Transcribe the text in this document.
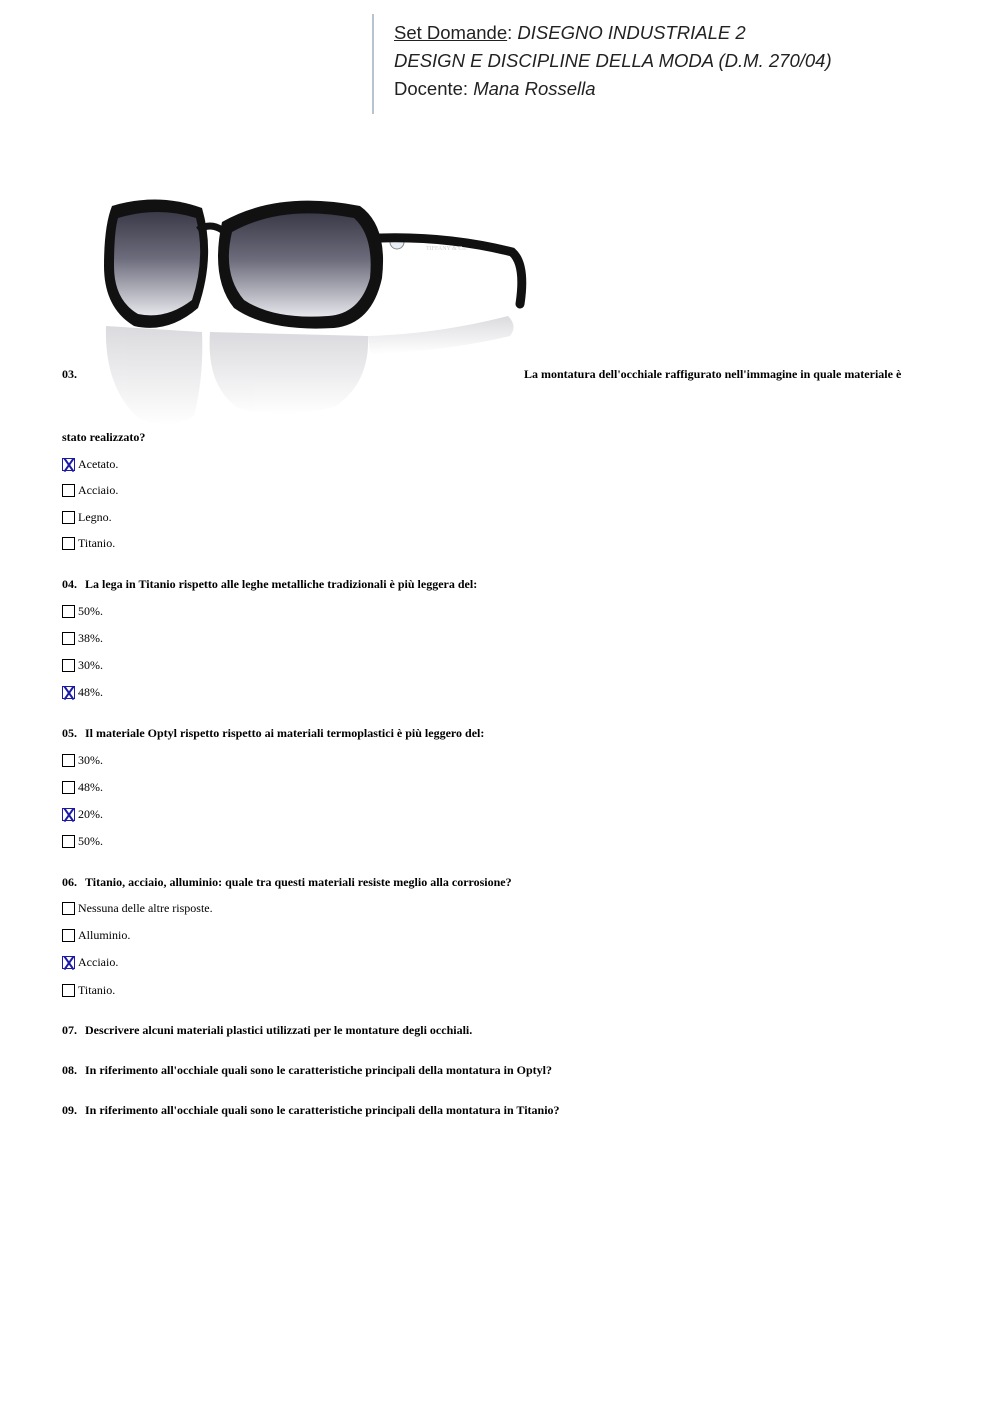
Set Domande: DISEGNO INDUSTRIALE 2
DESIGN E DISCIPLINE DELLA MODA (D.M. 270/04)
Docente: Mana Rossella
TIFFANY & Co.
03.	La montatura dell'occhiale raffigurato nell'immagine in quale materiale è
stato realizzato?
Acetato.
Acciaio.
Legno.
Titanio.
04. La lega in Titanio rispetto alle leghe metalliche tradizionali è più leggera del:
50%.
38%.
30%.
48%.
05. Il materiale Optyl rispetto rispetto ai materiali termoplastici è più leggero del:
30%.
48%.
20%.
50%.
06. Titanio, acciaio, alluminio: quale tra questi materiali resiste meglio alla corrosione?
Nessuna delle altre risposte.
Alluminio.
Acciaio.
Titanio.
07. Descrivere alcuni materiali plastici utilizzati per le montature degli occhiali.
08. In riferimento all'occhiale quali sono le caratteristiche principali della montatura in Optyl?
09. In riferimento all'occhiale quali sono le caratteristiche principali della montatura in Titanio?
